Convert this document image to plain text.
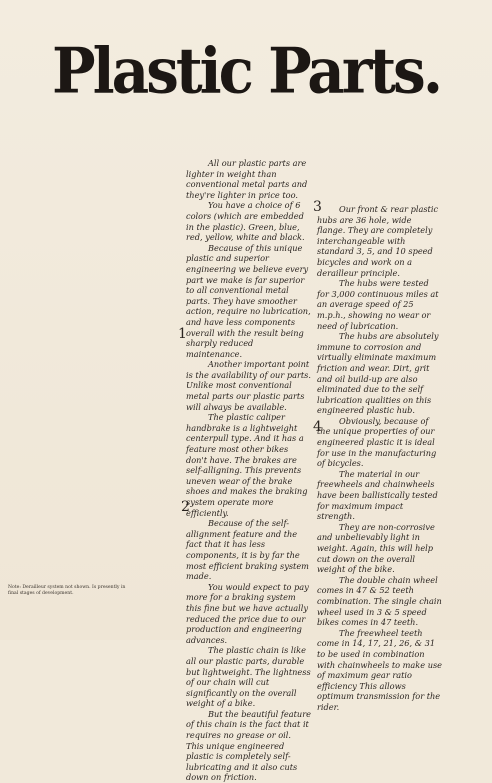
Plastic Parts.

All our plastic parts are lighter in weight than conventional metal parts and they're lighter in price too.

You have a choice of 6 colors (which are embedded in the plastic). Green, blue, red, yellow, white and black.

Because of this unique plastic and superior engineering we believe every part we make is far superior to all conventional metal parts. They have smoother action, require no lubrication, and have less components overall with the result being sharply reduced maintenance.

Another important point is the availability of our parts. Unlike most conventional metal parts our plastic parts will always be available.

The plastic caliper handbrake is a lightweight centerpull type. And it has a feature most other bikes don't have. The brakes are self-alligning. This prevents uneven wear of the brake shoes and makes the braking system operate more efficiently.

Because of the self-allignment feature and the fact that it has less components, it is by far the most efficient braking system made.

You would expect to pay more for a braking system this fine but we have actually reduced the price due to our production and engineering advances.

The plastic chain is like all our plastic parts, durable but lightweight. The lightness of our chain will cut significantly on the overall weight of a bike.

But the beautiful feature of this chain is the fact that it requires no grease or oil. This unique engineered plastic is completely self-lubricating and it also cuts down on friction.

Our front & rear plastic hubs are 36 hole, wide flange. They are completely interchangeable with standard 3, 5, and 10 speed bicycles and work on a derailleur principle.

The hubs were tested for 3,000 continuous miles at an average speed of 25 m.p.h., showing no wear or need of lubrication.

The hubs are absolutely immune to corrosion and virtually eliminate maximum friction and wear. Dirt, grit and oil build-up are also eliminated due to the self lubrication qualities on this engineered plastic hub.

Obviously, because of the unique properties of our engineered plastic it is ideal for use in the manufacturing of bicycles.

The material in our freewheels and chainwheels have been ballistically tested for maximum impact strength.

They are non-corrosive and unbelievably light in weight. Again, this will help cut down on the overall weight of the bike.

The double chain wheel comes in 47 & 52 teeth combination. The single chain wheel used in 3 & 5 speed bikes comes in 47 teeth.

The freewheel teeth come in 14, 17, 21, 26, & 31 to be used in combination with chainwheels to make use of maximum gear ratio efficiency This allows optimum transmission for the rider.

1
2
3
4
Note: Derailleur system not shown. Is presently in final stages of development.
